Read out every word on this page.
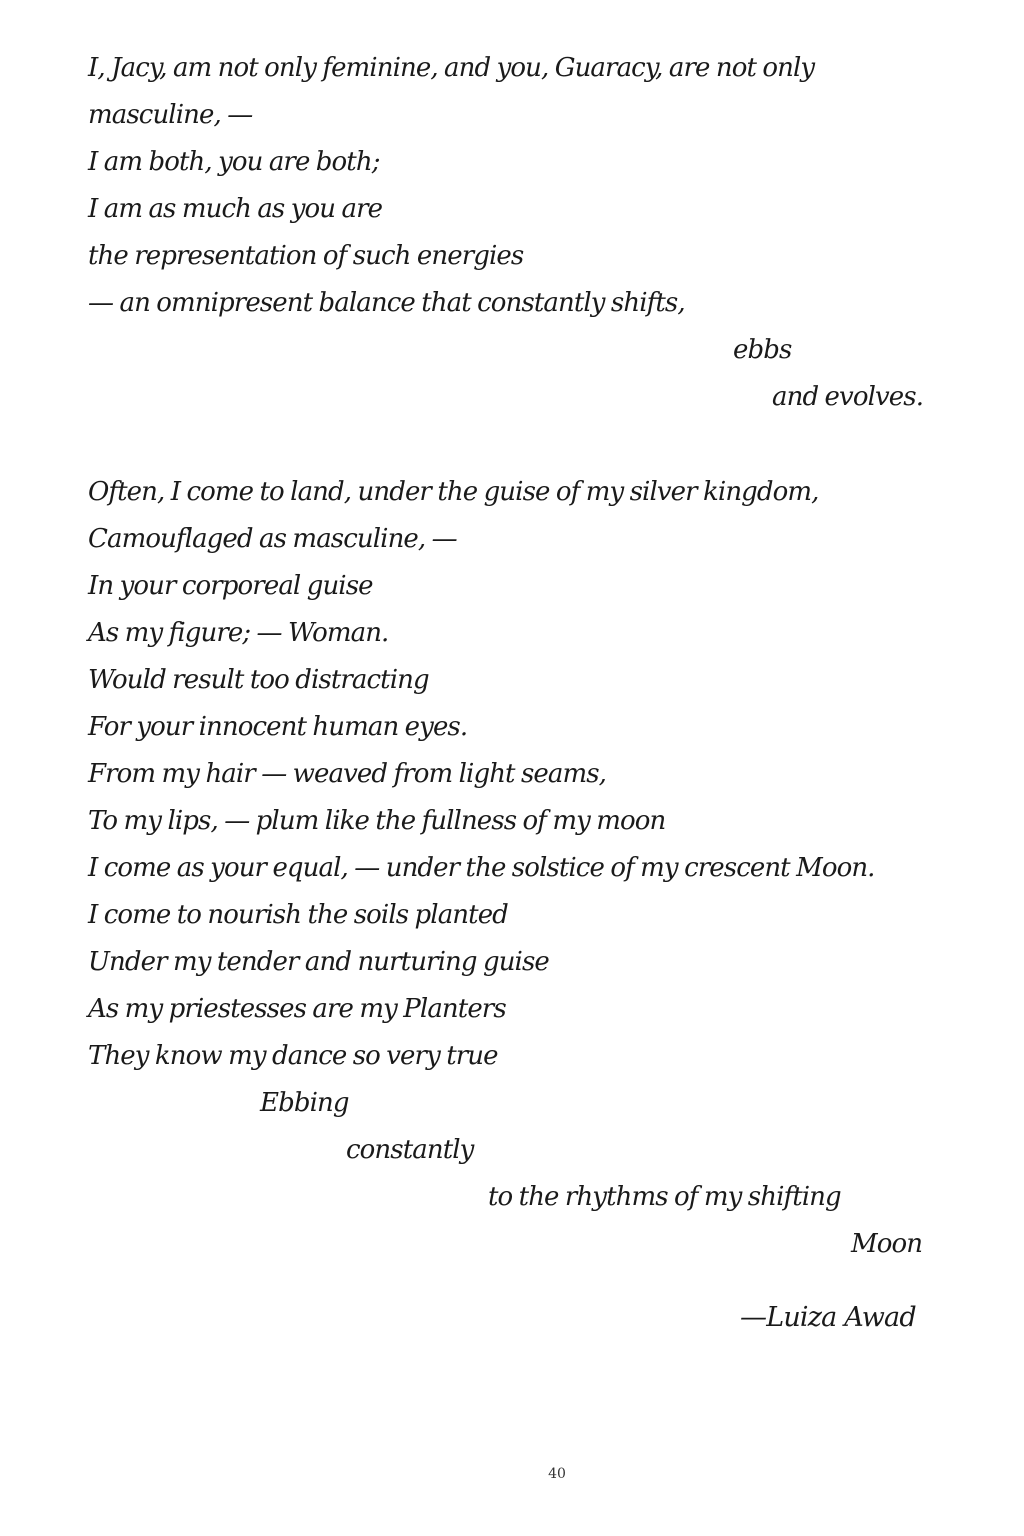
I, Jacy, am not only feminine, and you, Guaracy, are not only

masculine, —

I am both, you are both;

I am as much as you are

the representation of such energies

— an omnipresent balance that constantly shifts,

ebbs

and evolves.

Often, I come to land, under the guise of my silver kingdom,

Camouflaged as masculine, —

In your corporeal guise

As my figure; — Woman.

Would result too distracting

For your innocent human eyes.

From my hair — weaved from light seams,

To my lips, — plum like the fullness of my moon

I come as your equal, — under the solstice of my crescent Moon.

I come to nourish the soils planted

Under my tender and nurturing guise

As my priestesses are my Planters

They know my dance so very true

Ebbing

constantly

to the rhythms of my shifting

Moon

—Luiza Awad

40
